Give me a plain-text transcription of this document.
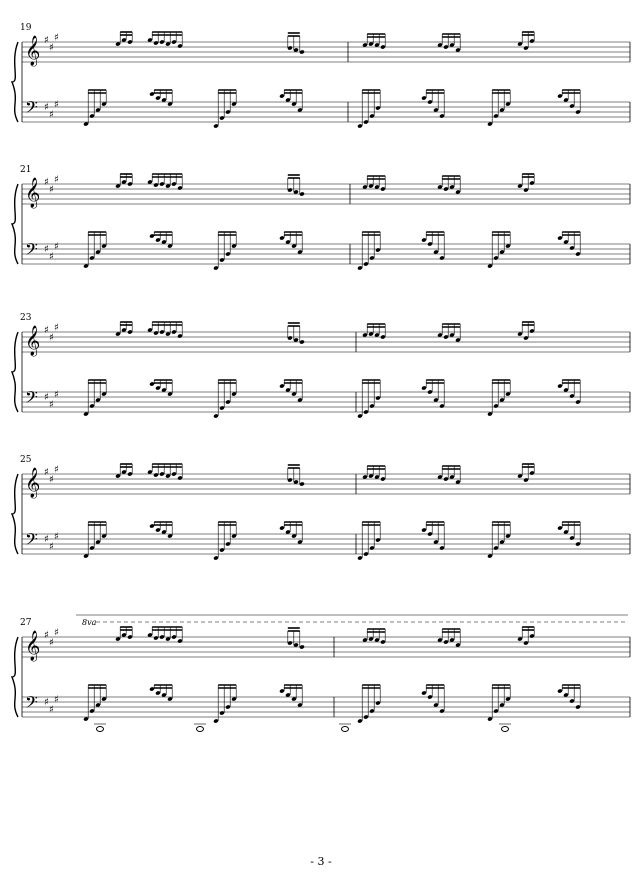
𝄞
𝄢
♯
♯
♯
♯
♯
♯
19
𝄞
𝄢
♯
♯
♯
♯
♯
♯
21
𝄞
𝄢
♯
♯
♯
♯
♯
♯
23
𝄞
𝄢
♯
♯
♯
♯
♯
♯
25
𝄞
𝄢
♯
♯
♯
♯
♯
♯
27	8va
- 3 -
